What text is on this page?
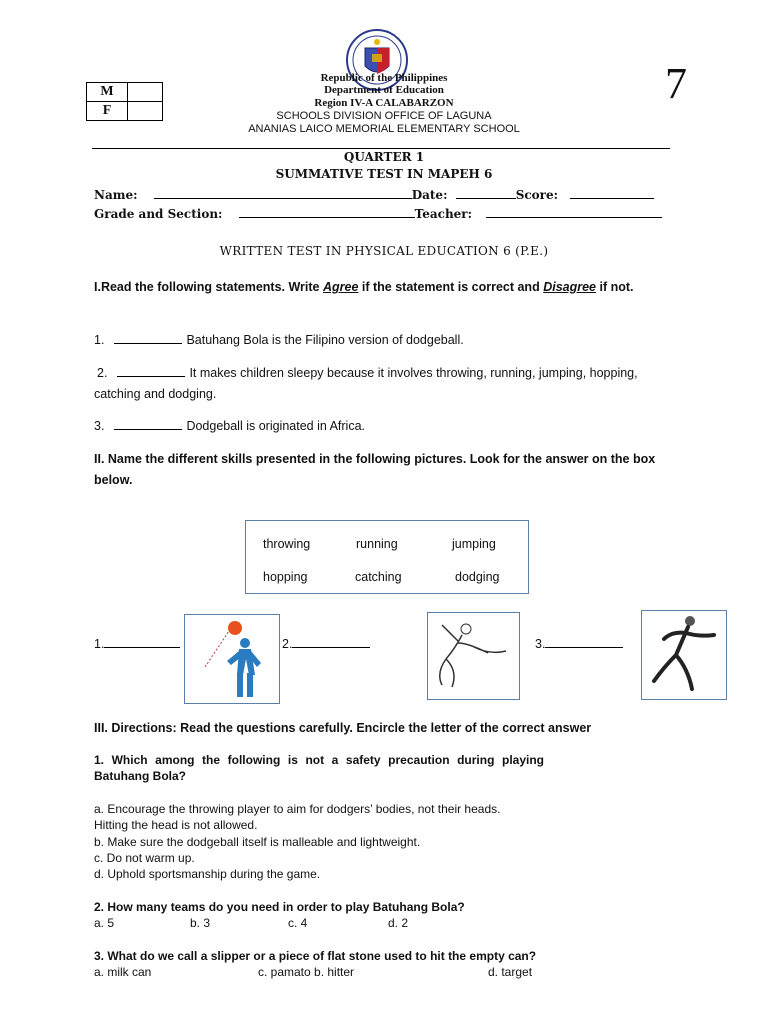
M	
F	
7
Republic of the Philippines
Department of Education
Region IV-A CALABARZON
SCHOOLS DIVISION OFFICE OF LAGUNA
ANANIAS LAICO MEMORIAL ELEMENTARY SCHOOL
QUARTER 1
SUMMATIVE TEST IN MAPEH 6
Name:	Date:	Score:
Grade and Section:	Teacher:
WRITTEN TEST IN PHYSICAL EDUCATION 6 (P.E.)
I.Read the following statements. Write Agree if the statement is correct and Disagree if not.
1.	Batuhang Bola is the Filipino version of dodgeball.
2.	It makes children sleepy because it involves throwing, running, jumping, hopping, catching and dodging.
3.	Dodgeball is originated in Africa.
II. Name the different skills presented in the following pictures. Look for the answer on the box below.
throwing	running	jumping
hopping	catching	dodging
1.	2.	3.
III. Directions: Read the questions carefully. Encircle the letter of the correct answer
1. Which among the following is not a safety precaution during playing Batuhang Bola?
a. Encourage the throwing player to aim for dodgers’ bodies, not their heads. Hitting the head is not allowed.
b. Make sure the dodgeball itself is malleable and lightweight.
c. Do not warm up.
d. Uphold sportsmanship during the game.
2. How many teams do you need in order to play Batuhang Bola?
a. 5	b. 3	c. 4	d. 2
3. What do we call a slipper or a piece of flat stone used to hit the empty can?
a. milk can	c. pamato b. hitter	d. target
